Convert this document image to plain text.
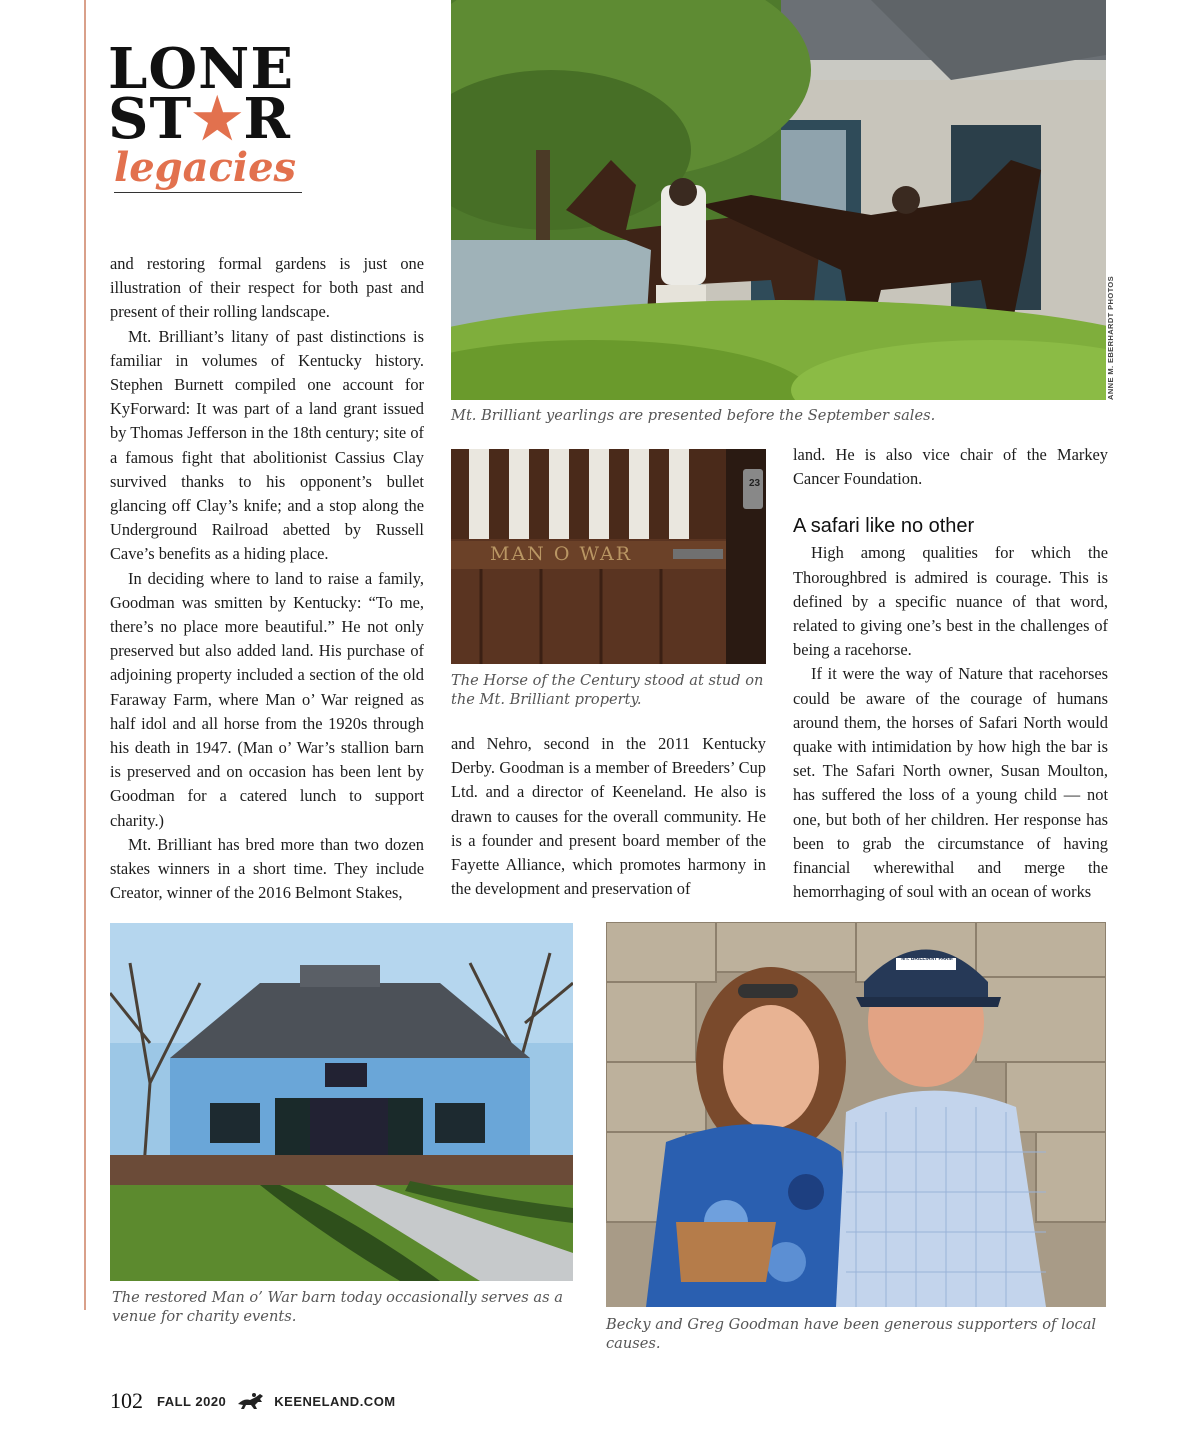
LONE
ST★R
legacies

and restoring formal gardens is just one illustration of their respect for both past and present of their rolling landscape.

Mt. Brilliant’s litany of past distinctions is familiar in volumes of Kentucky history. Stephen Burnett compiled one account for KyForward: It was part of a land grant issued by Thomas Jefferson in the 18th century; site of a famous fight that abolitionist Cassius Clay survived thanks to his opponent’s bullet glancing off Clay’s knife; and a stop along the Underground Railroad abetted by Russell Cave’s benefits as a hiding place.

In deciding where to land to raise a family, Goodman was smitten by Kentucky: “To me, there’s no place more beautiful.” He not only preserved but also added land. His purchase of adjoining property included a section of the old Faraway Farm, where Man o’ War reigned as half idol and all horse from the 1920s through his death in 1947. (Man o’ War’s stallion barn is preserved and on occasion has been lent by Goodman for a catered lunch to support charity.)

Mt. Brilliant has bred more than two dozen stakes winners in a short time. They include Creator, winner of the 2016 Belmont Stakes,

Mt. Brilliant yearlings are presented before the September sales.
ANNE M. EBERHARDT PHOTOS
MAN O WAR
23
The Horse of the Century stood at stud on the Mt. Brilliant property.

and Nehro, second in the 2011 Kentucky Derby. Goodman is a member of Breeders’ Cup Ltd. and a director of Keeneland. He also is drawn to causes for the overall community. He is a founder and present board member of the Fayette Alliance, which promotes harmony in the development and preservation of

land. He is also vice chair of the Markey Cancer Foundation.

A safari like no other

High among qualities for which the Thoroughbred is admired is courage. This is defined by a specific nuance of that word, related to giving one’s best in the challenges of being a racehorse.

If it were the way of Nature that racehorses could be aware of the courage of humans around them, the horses of Safari North would quake with intimidation by how high the bar is set. The Safari North owner, Susan Moulton, has suffered the loss of a young child — not one, but both of her children. Her response has been to grab the circumstance of having financial wherewithal and merge the hemorrhaging of soul with an ocean of works

The restored Man o’ War barn today occasionally serves as a venue for charity events.
MT. BRILLIANT FARM
Becky and Greg Goodman have been generous supporters of local causes.
102 FALL 2020	KEENELAND.COM
